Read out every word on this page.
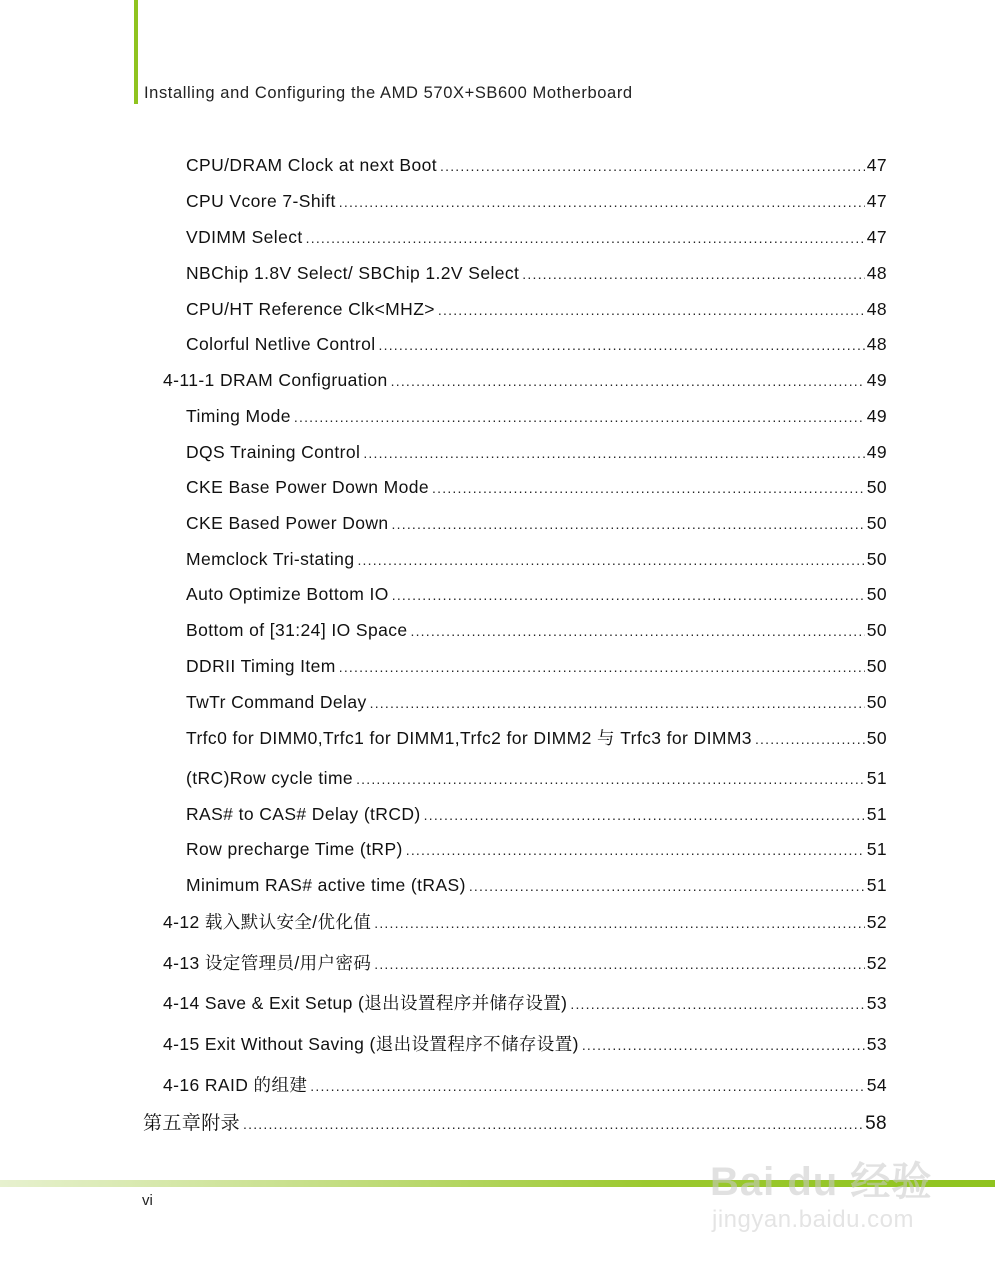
Installing and Configuring the AMD 570X+SB600 Motherboard
CPU/DRAM Clock at next Boot .....	47
CPU Vcore 7-Shift .....	47
VDIMM Select .....	47
NBChip 1.8V Select/ SBChip 1.2V Select .....	48
CPU/HT Reference Clk<MHZ> .....	48
Colorful Netlive Control .....	48
4-11-1 DRAM Configruation .....	49
Timing Mode .....	49
DQS Training Control .....	49
CKE Base Power Down Mode .....	50
CKE Based Power Down .....	50
Memclock Tri-stating .....	50
Auto Optimize Bottom IO .....	50
Bottom of [31:24] IO Space .....	50
DDRII Timing Item .....	50
TwTr Command Delay .....	50
Trfc0 for DIMM0,Trfc1 for DIMM1,Trfc2 for DIMM2 与 Trfc3 for DIMM3 .....	50
(tRC)Row cycle time .....	51
RAS# to CAS# Delay (tRCD) .....	51
Row precharge Time (tRP) .....	51
Minimum RAS# active time (tRAS) .....	51
4-12 载入默认安全/优化值 .....	52
4-13 设定管理员/用户密码 .....	52
4-14 Save & Exit Setup (退出设置程序并储存设置) .....	53
4-15 Exit Without Saving (退出设置程序不储存设置) .....	53
4-16 RAID 的组建 .....	54
第五章附录 .....	58
vi	Bai du 经验
jingyan.baidu.com
